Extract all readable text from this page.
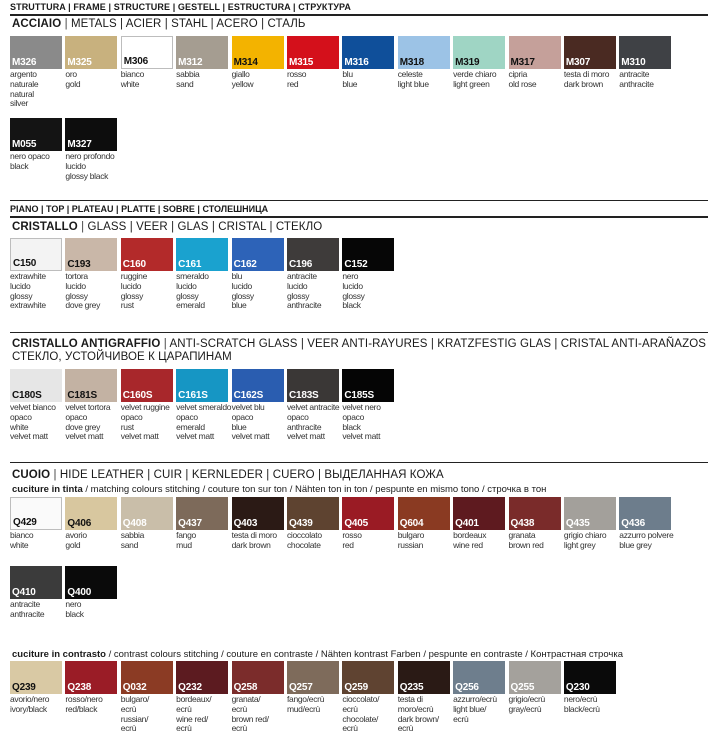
STRUTTURA | FRAME | STRUCTURE | GESTELL | ESTRUCTURA | СТРУКТУРА
ACCIAIO | METALS | ACIER | STAHL | ACERO | СТАЛЬ
M326
argento
naturale
natural
silver
M325
oro
gold
M306
bianco
white
M312
sabbia
sand
M314
giallo
yellow
M315
rosso
red
M316
blu
blue
M318
celeste
light blue
M319
verde chiaro
light green
M317
cipria
old rose
M307
testa di moro
dark brown
M310
antracite
anthracite
M055
nero opaco
black
M327
nero profondo
lucido
glossy black
PIANO | TOP | PLATEAU | PLATTE | SOBRE | СТОЛЕШНИЦА
CRISTALLO | GLASS | VEER | GLAS | CRISTAL | СТЕКЛО
C150
extrawhite
lucido
glossy
extrawhite
C193
tortora
lucido
glossy
dove grey
C160
ruggine
lucido
glossy
rust
C161
smeraldo
lucido
glossy
emerald
C162
blu
lucido
glossy
blue
C196
antracite
lucido
glossy
anthracite
C152
nero
lucido
glossy
black
CRISTALLO ANTIGRAFFIO | ANTI-SCRATCH GLASS | VEER ANTI-RAYURES | KRATZFESTIG GLAS | CRISTAL ANTI-ARAÑAZOS
СТЕКЛО, УСТОЙЧИВОЕ К ЦАРАПИНАМ
C180S
velvet bianco
opaco
white
velvet matt
C181S
velvet tortora
opaco
dove grey
velvet matt
C160S
velvet ruggine
opaco
rust
velvet matt
C161S
velvet smeraldo
opaco
emerald
velvet matt
C162S
velvet blu
opaco
blue
velvet matt
C183S
velvet antracite
opaco
anthracite
velvet matt
C185S
velvet nero
opaco
black
velvet matt
CUOIO | HIDE LEATHER | CUIR | KERNLEDER | CUERO | ВЫДЕЛАННАЯ КОЖА
cuciture in tinta / matching colours stitching / couture ton sur ton / Nähten ton in ton / pespunte en mismo tono / строчка в тон
Q429
bianco
white
Q406
avorio
gold
Q408
sabbia
sand
Q437
fango
mud
Q403
testa di moro
dark brown
Q439
cioccolato
chocolate
Q405
rosso
red
Q604
bulgaro
russian
Q401
bordeaux
wine red
Q438
granata
brown red
Q435
grigio chiaro
light grey
Q436
azzurro polvere
blue grey
Q410
antracite
anthracite
Q400
nero
black
cuciture in contrasto / contrast colours stitching / couture en contraste / Nähten kontrast Farben / pespunte en contraste / Контрастная строчка
Q239
avorio/nero
ivory/black
Q238
rosso/nero
red/black
Q032
bulgaro/
ecrù
russian/
ecrù
Q232
bordeaux/
ecrù
wine red/
ecrù
Q258
granata/
ecrù
brown red/
ecrù
Q257
fango/ecrù
mud/ecrù
Q259
cioccolato/
ecrù
chocolate/
ecrù
Q235
testa di
moro/ecrù
dark brown/
ecrù
Q256
azzurro/ecrù
light blue/
ecrù
Q255
grigio/ecrù
gray/ecrù
Q230
nero/ecrù
black/ecrù
